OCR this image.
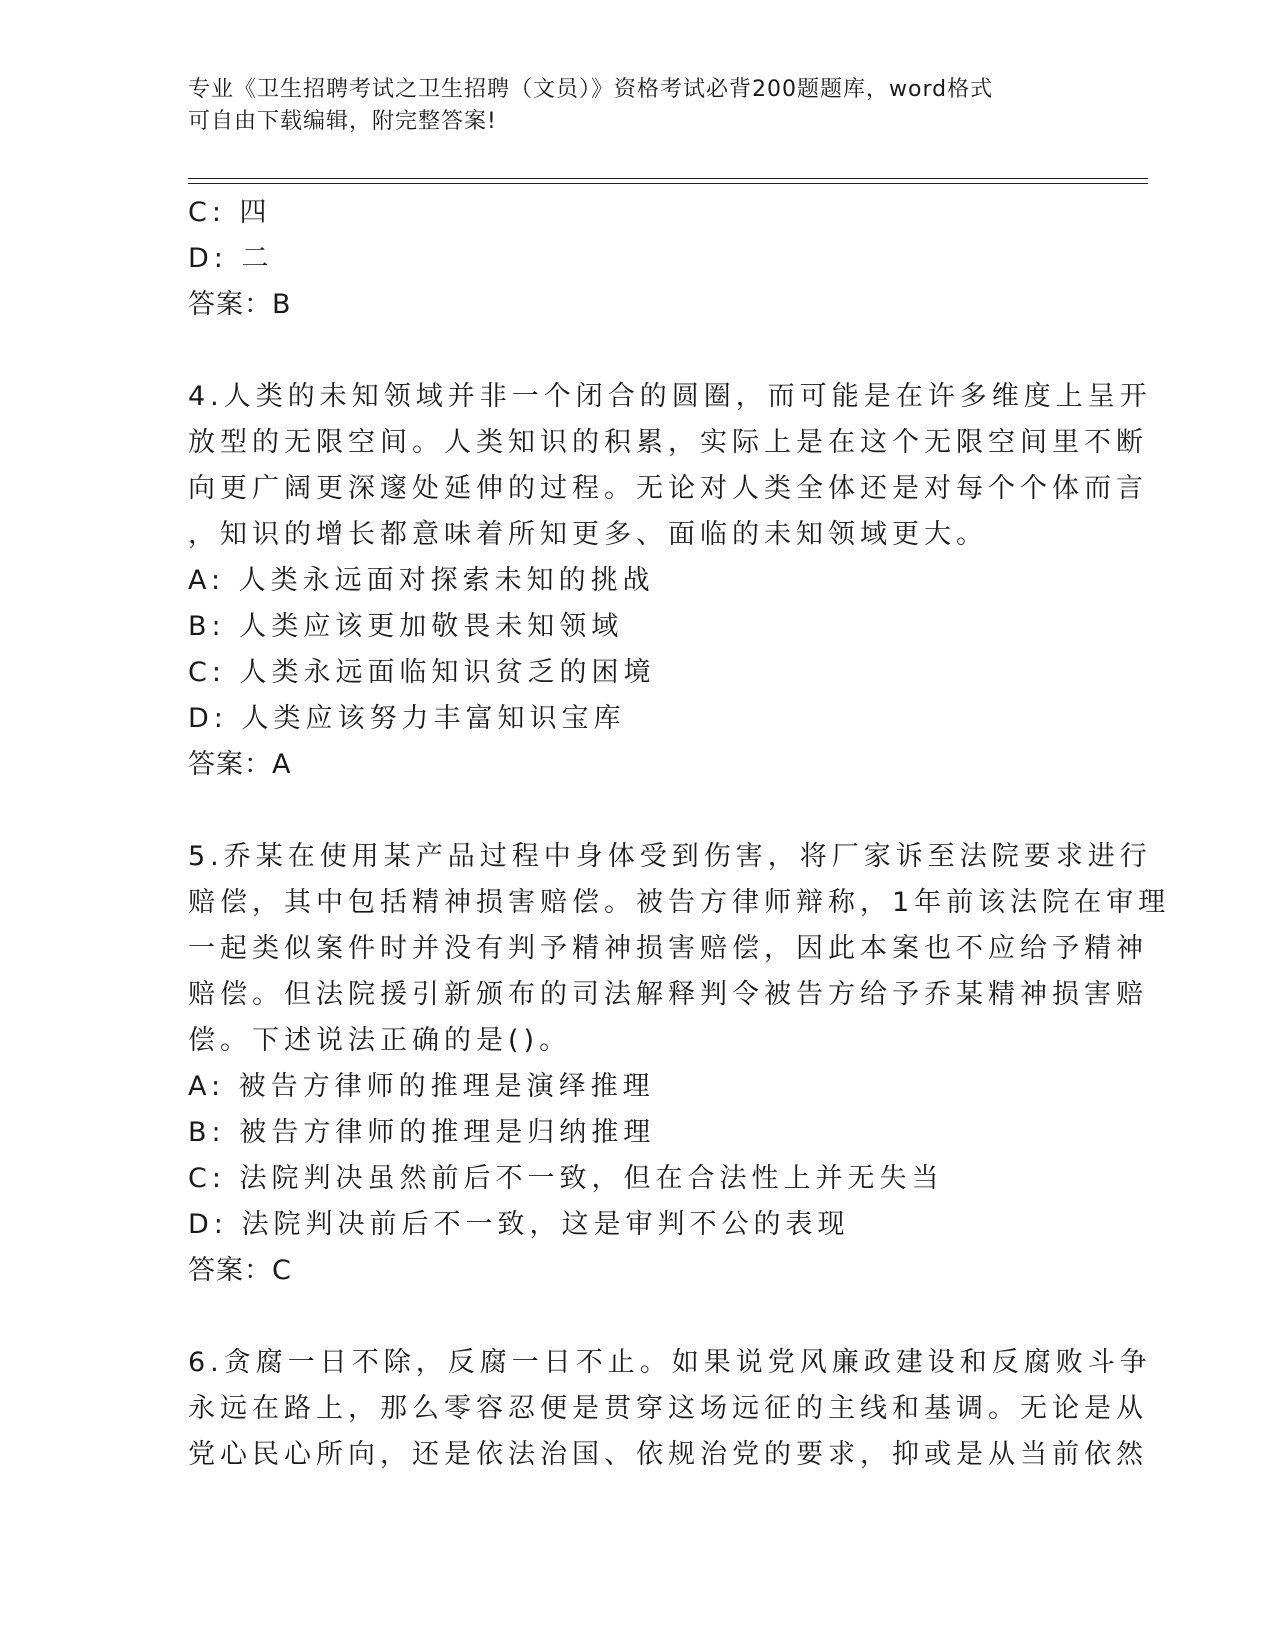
专业《卫生招聘考试之卫生招聘（文员）》资格考试必背200题题库，word格式
可自由下载编辑，附完整答案!
C: 四
D: 二
答案：B
4.人类的未知领域并非一个闭合的圆圈，而可能是在许多维度上呈开
放型的无限空间。人类知识的积累，实际上是在这个无限空间里不断
向更广阔更深邃处延伸的过程。无论对人类全体还是对每个个体而言
，知识的增长都意味着所知更多、面临的未知领域更大。
A: 人类永远面对探索未知的挑战
B: 人类应该更加敬畏未知领域
C: 人类永远面临知识贫乏的困境
D: 人类应该努力丰富知识宝库
答案：A
5.乔某在使用某产品过程中身体受到伤害，将厂家诉至法院要求进行
赔偿，其中包括精神损害赔偿。被告方律师辩称，1年前该法院在审理
一起类似案件时并没有判予精神损害赔偿，因此本案也不应给予精神
赔偿。但法院援引新颁布的司法解释判令被告方给予乔某精神损害赔
偿。下述说法正确的是()。
A: 被告方律师的推理是演绎推理
B: 被告方律师的推理是归纳推理
C: 法院判决虽然前后不一致，但在合法性上并无失当
D: 法院判决前后不一致，这是审判不公的表现
答案：C
6.贪腐一日不除，反腐一日不止。如果说党风廉政建设和反腐败斗争
永远在路上，那么零容忍便是贯穿这场远征的主线和基调。无论是从
党心民心所向，还是依法治国、依规治党的要求，抑或是从当前依然
